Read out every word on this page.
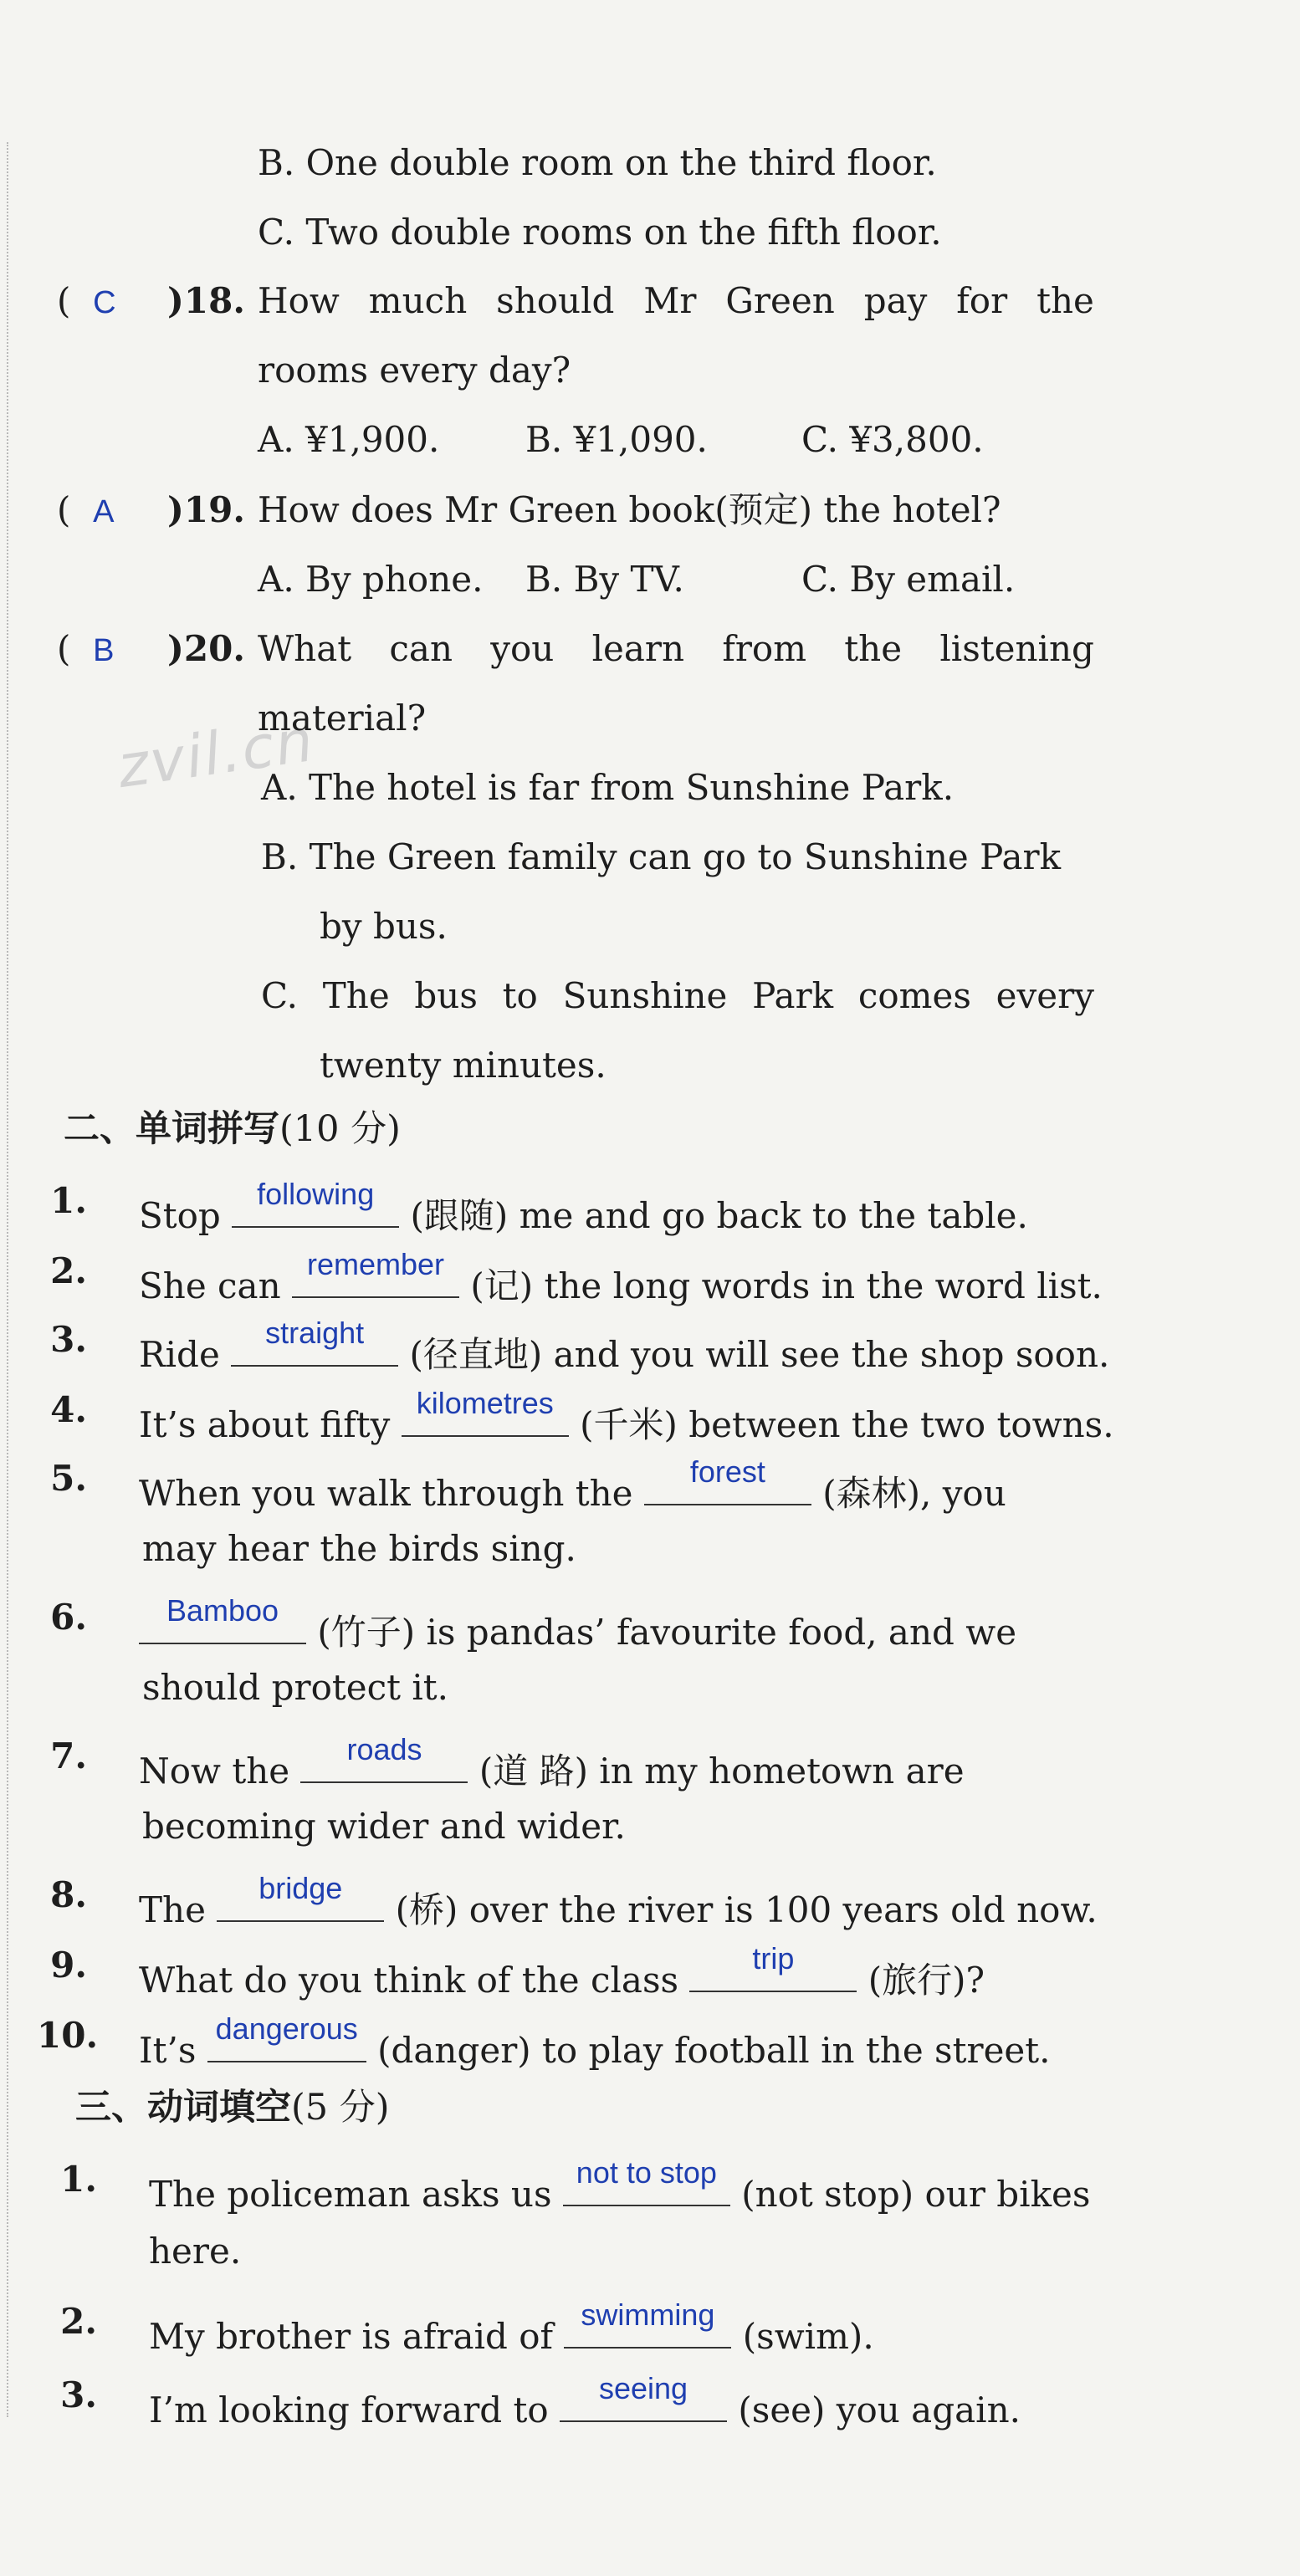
zvil.cn
B. One double room on the third floor.
C. Two double rooms on the fifth floor.
(  C	)18. How much should Mr Green pay for the
rooms every day?
A. ¥1,900. B. ¥1,090.	C. ¥3,800.
(  A	)19. How does Mr Green book(预定) the hotel?
A. By phone. B. By TV.	C. By email.
(  B	)20. What can you learn from the listening
material?
A. The hotel is far from Sunshine Park.
B. The Green family can go to Sunshine Park
by bus.
C. The bus to Sunshine Park comes every
twenty minutes.
二、单词拼写(10 分)
1. Stop
following
(跟随) me and go back to the table.
2. She can
remember
(记) the long words in the word list.
3. Ride
straight
(径直地) and you will see the shop soon.
4. It’s about fifty
kilometres
(千米) between the two towns.
5. When you walk through the
forest
(森林), you
may hear the birds sing.
6.	Bamboo
(竹子) is pandas’ favourite food, and we
should protect it.
7. Now the
roads
(道 路) in my hometown are
becoming wider and wider.
8. The
bridge
(桥) over the river is 100 years old now.
9. What do you think of the class
trip
(旅行)?
10. It’s
dangerous
(danger) to play football in the street.
三、动词填空(5 分)
1. The policeman asks us
not to stop
(not stop) our bikes
here.
2. My brother is afraid of
swimming
(swim).
3. I’m looking forward to
seeing
(see) you again.
